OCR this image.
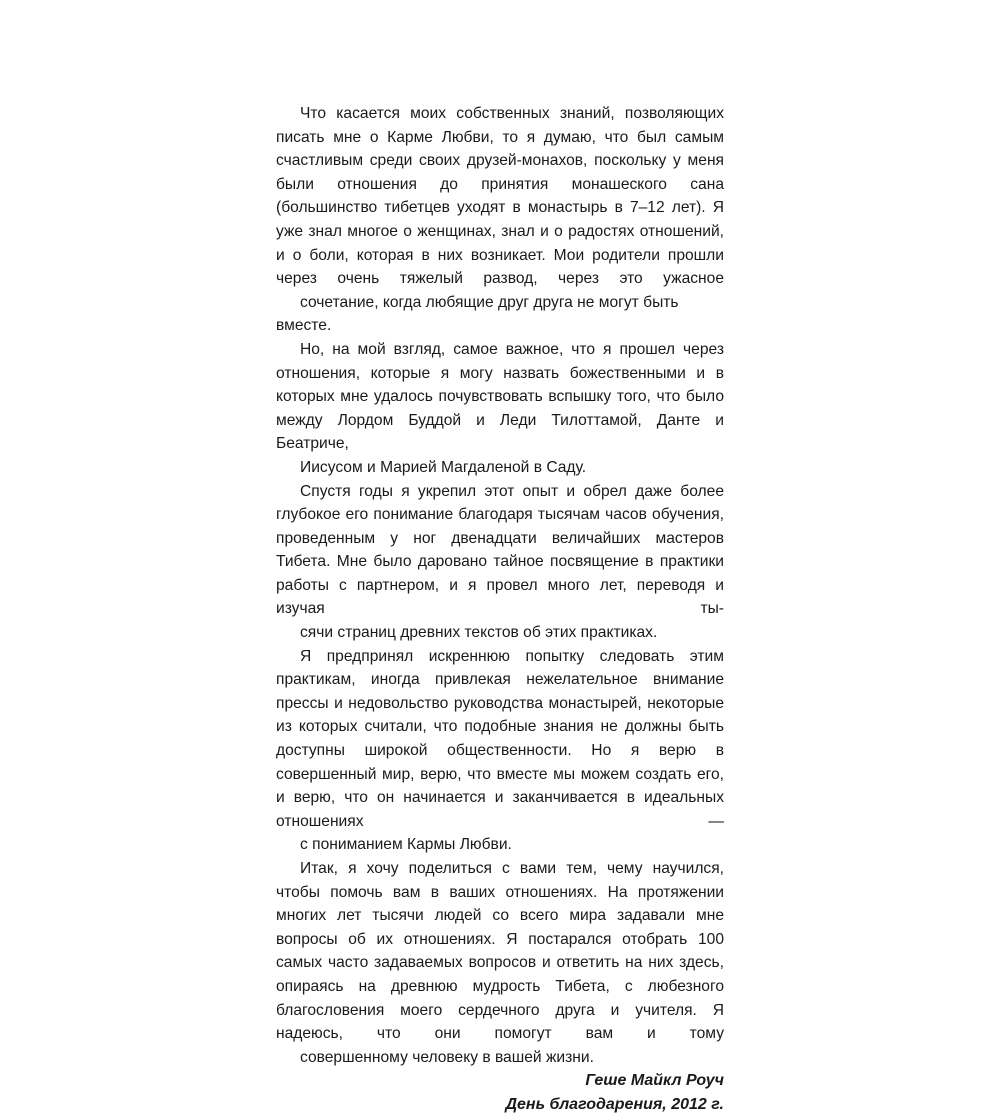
Что касается моих собственных знаний, позволяющих писать мне о Карме Любви, то я думаю, что был самым счастливым среди своих друзей-монахов, поскольку у меня были отношения до принятия монашеского сана (большинство тибетцев уходят в монастырь в 7–12 лет). Я уже знал многое о женщинах, знал и о радостях отношений, и о боли, которая в них возникает. Мои родители прошли через очень тяжелый развод, через это ужасное
сочетание, когда любящие друг друга не могут быть вместе.

Но, на мой взгляд, самое важное, что я прошел через отношения, которые я могу назвать божественными и в которых мне удалось почувствовать вспышку того, что было между Лордом Буддой и Леди Тилоттамой, Данте и Беатриче,
Иисусом и Марией Магдаленой в Саду.

Спустя годы я укрепил этот опыт и обрел даже более глубокое его понимание благодаря тысячам часов обучения, проведенным у ног двенадцати величайших мастеров Тибета. Мне было даровано тайное посвящение в практики работы с партнером, и я провел много лет, переводя и изучая ты-
сячи страниц древних текстов об этих практиках.

Я предпринял искреннюю попытку следовать этим практикам, иногда привлекая нежелательное внимание прессы и недовольство руководства монастырей, некоторые из которых считали, что подобные знания не должны быть доступны широкой общественности. Но я верю в совершенный мир, верю, что вместе мы можем создать его, и верю, что он начинается и заканчивается в идеальных отношениях —
с пониманием Кармы Любви.

Итак, я хочу поделиться с вами тем, чему научился, чтобы помочь вам в ваших отношениях. На протяжении многих лет тысячи людей со всего мира задавали мне вопросы об их отношениях. Я постарался отобрать 100 самых часто задаваемых вопросов и ответить на них здесь, опираясь на древнюю мудрость Тибета, с любезного благословения моего сердечного друга и учителя. Я надеюсь, что они помогут вам и тому
совершенному человеку в вашей жизни.

Геше Майкл Роуч

День благодарения, 2012 г.
